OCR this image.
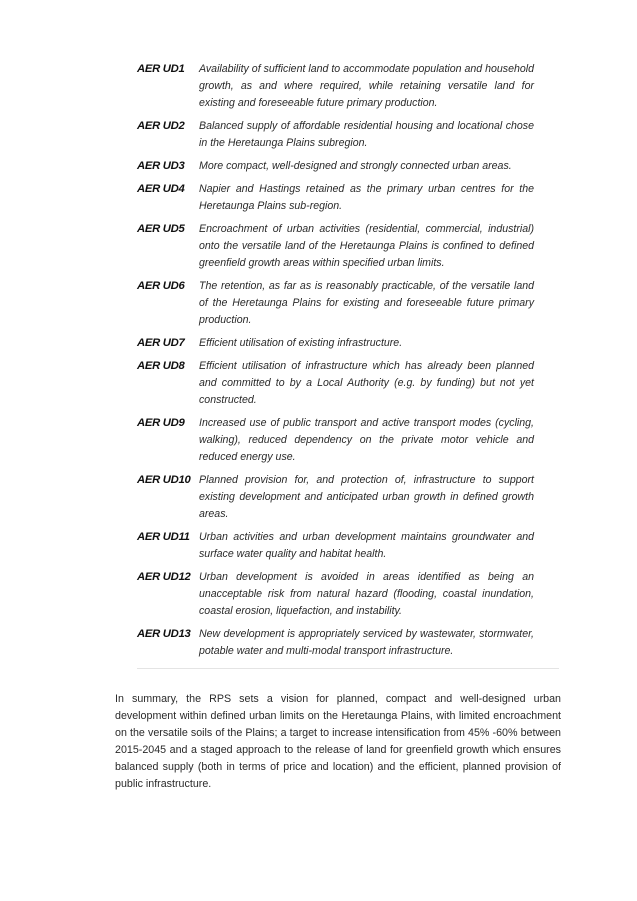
AER UD1	Availability of sufficient land to accommodate population and household growth, as and where required, while retaining versatile land for existing and foreseeable future primary production.
AER UD2	Balanced supply of affordable residential housing and locational chose in the Heretaunga Plains subregion.
AER UD3	More compact, well-designed and strongly connected urban areas.
AER UD4	Napier and Hastings retained as the primary urban centres for the Heretaunga Plains sub-region.
AER UD5	Encroachment of urban activities (residential, commercial, industrial) onto the versatile land of the Heretaunga Plains is confined to defined greenfield growth areas within specified urban limits.
AER UD6	The retention, as far as is reasonably practicable, of the versatile land of the Heretaunga Plains for existing and foreseeable future primary production.
AER UD7	Efficient utilisation of existing infrastructure.
AER UD8	Efficient utilisation of infrastructure which has already been planned and committed to by a Local Authority (e.g. by funding) but not yet constructed.
AER UD9	Increased use of public transport and active transport modes (cycling, walking), reduced dependency on the private motor vehicle and reduced energy use.
AER UD10 Planned provision for, and protection of, infrastructure to support existing development and anticipated urban growth in defined growth areas.
AER UD11 Urban activities and urban development maintains groundwater and surface water quality and habitat health.
AER UD12 Urban development is avoided in areas identified as being an unacceptable risk from natural hazard (flooding, coastal inundation, coastal erosion, liquefaction, and instability.
AER UD13 New development is appropriately serviced by wastewater, stormwater, potable water and multi-modal transport infrastructure.

In summary, the RPS sets a vision for planned, compact and well-designed urban development within defined urban limits on the Heretaunga Plains, with limited encroachment on the versatile soils of the Plains; a target to increase intensification from 45% -60% between 2015-2045 and a staged approach to the release of land for greenfield growth which ensures balanced supply (both in terms of price and location) and the efficient, planned provision of public infrastructure.
